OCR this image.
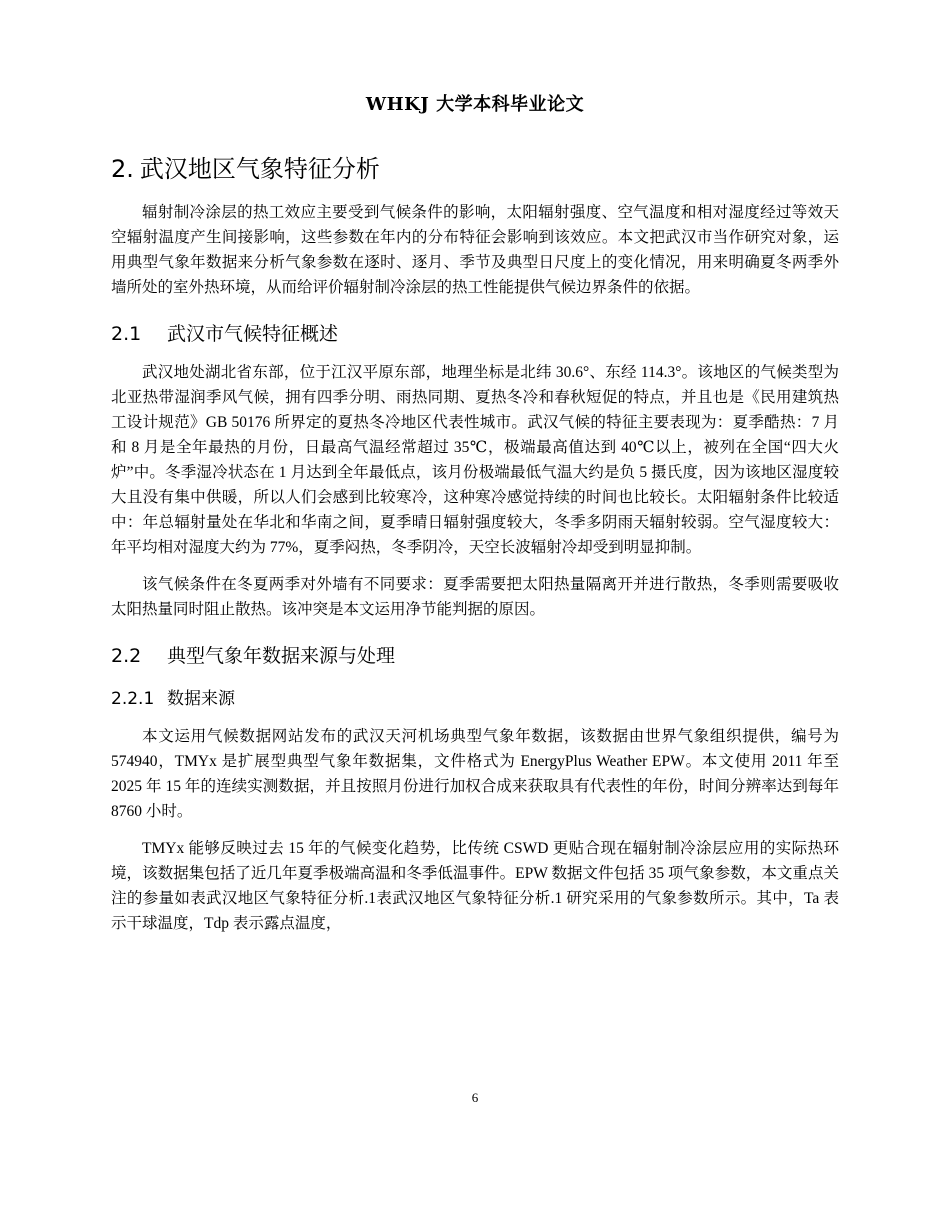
WHKJ 大学本科毕业论文
2. 武汉地区气象特征分析

辐射制冷涂层的热工效应主要受到气候条件的影响，太阳辐射强度、空气温度和相对湿度经过等效天空辐射温度产生间接影响，这些参数在年内的分布特征会影响到该效应。本文把武汉市当作研究对象，运用典型气象年数据来分析气象参数在逐时、逐月、季节及典型日尺度上的变化情况，用来明确夏冬两季外墙所处的室外热环境，从而给评价辐射制冷涂层的热工性能提供气候边界条件的依据。

2.1 武汉市气候特征概述

武汉地处湖北省东部，位于江汉平原东部，地理坐标是北纬 30.6°、东经 114.3°。该地区的气候类型为北亚热带湿润季风气候，拥有四季分明、雨热同期、夏热冬冷和春秋短促的特点，并且也是《民用建筑热工设计规范》GB 50176 所界定的夏热冬冷地区代表性城市。武汉气候的特征主要表现为：夏季酷热：7 月和 8 月是全年最热的月份，日最高气温经常超过 35℃，极端最高值达到 40℃以上，被列在全国“四大火炉”中。冬季湿冷状态在 1 月达到全年最低点，该月份极端最低气温大约是负 5 摄氏度，因为该地区湿度较大且没有集中供暖，所以人们会感到比较寒冷，这种寒冷感觉持续的时间也比较长。太阳辐射条件比较适中：年总辐射量处在华北和华南之间，夏季晴日辐射强度较大，冬季多阴雨天辐射较弱。空气湿度较大：年平均相对湿度大约为 77%，夏季闷热，冬季阴冷，天空长波辐射冷却受到明显抑制。

该气候条件在冬夏两季对外墙有不同要求：夏季需要把太阳热量隔离开并进行散热，冬季则需要吸收太阳热量同时阻止散热。该冲突是本文运用净节能判据的原因。

2.2 典型气象年数据来源与处理
2.2.1 数据来源

本文运用气候数据网站发布的武汉天河机场典型气象年数据，该数据由世界气象组织提供，编号为 574940，TMYx 是扩展型典型气象年数据集，文件格式为 EnergyPlus Weather EPW。本文使用 2011 年至 2025 年 15 年的连续实测数据，并且按照月份进行加权合成来获取具有代表性的年份，时间分辨率达到每年 8760 小时。

TMYx 能够反映过去 15 年的气候变化趋势，比传统 CSWD 更贴合现在辐射制冷涂层应用的实际热环境，该数据集包括了近几年夏季极端高温和冬季低温事件。EPW 数据文件包括 35 项气象参数，本文重点关注的参量如表武汉地区气象特征分析.1表武汉地区气象特征分析.1 研究采用的气象参数所示。其中，Ta 表示干球温度，Tdp 表示露点温度，

6
